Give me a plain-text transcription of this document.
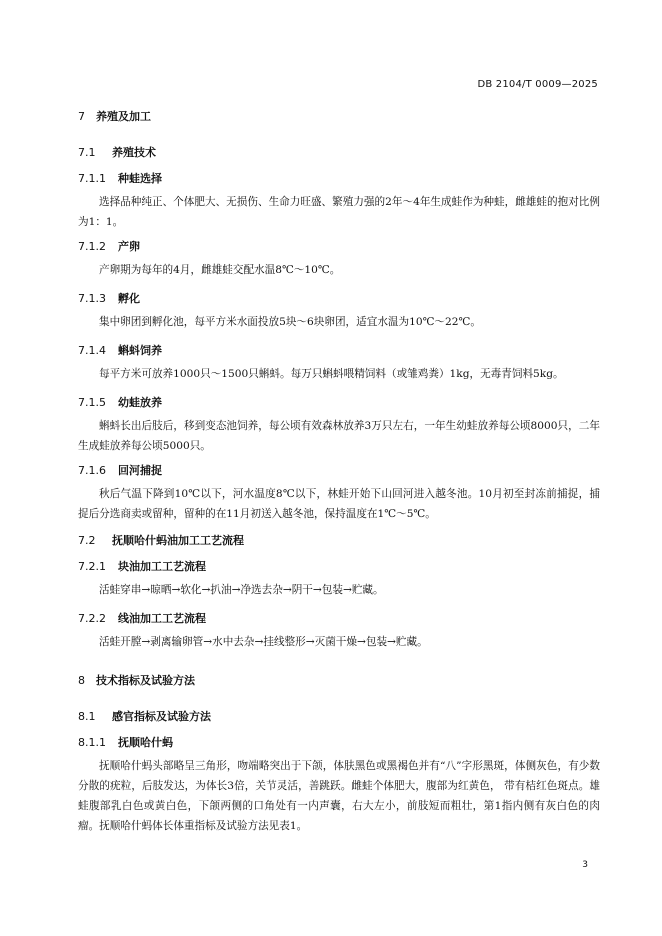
DB 2104/T 0009—2025
7 养殖及加工
7.1 养殖技术
7.1.1 种蛙选择

选择品种纯正、个体肥大、无损伤、生命力旺盛、繁殖力强的2年～4年生成蛙作为种蛙，雌雄蛙的抱对比例为1：1。

7.1.2 产卵

产卵期为每年的4月，雌雄蛙交配水温8℃～10℃。

7.1.3 孵化

集中卵团到孵化池，每平方米水面投放5块～6块卵团，适宜水温为10℃～22℃。

7.1.4 蝌蚪饲养

每平方米可放养1000只～1500只蝌蚪。每万只蝌蚪喂精饲料（或雏鸡粪）1kg，无毒青饲料5kg。

7.1.5 幼蛙放养

蝌蚪长出后肢后，移到变态池饲养，每公顷有效森林放养3万只左右，一年生幼蛙放养每公顷8000只，二年生成蛙放养每公顷5000只。

7.1.6 回河捕捉

秋后气温下降到10℃以下，河水温度8℃以下，林蛙开始下山回河进入越冬池。10月初至封冻前捕捉，捕捉后分选商卖或留种，留种的在11月初送入越冬池，保持温度在1℃～5℃。

7.2 抚顺哈什蚂油加工工艺流程
7.2.1 块油加工工艺流程

活蛙穿串→晾晒→软化→扒油→净选去杂→阴干→包装→贮藏。

7.2.2 线油加工工艺流程

活蛙开膛→剥离输卵管→水中去杂→挂线整形→灭菌干燥→包装→贮藏。

8 技术指标及试验方法
8.1 感官指标及试验方法
8.1.1 抚顺哈什蚂

抚顺哈什蚂头部略呈三角形，吻端略突出于下颌，体肤黑色或黑褐色并有“八”字形黑斑，体侧灰色，有少数分散的疣粒，后肢发达，为体长3倍，关节灵活，善跳跃。雌蛙个体肥大，腹部为红黄色， 带有桔红色斑点。雄蛙腹部乳白色或黄白色，下颌两侧的口角处有一内声囊，右大左小，前肢短而粗壮，第1指内侧有灰白色的肉瘤。抚顺哈什蚂体长体重指标及试验方法见表1。

3
